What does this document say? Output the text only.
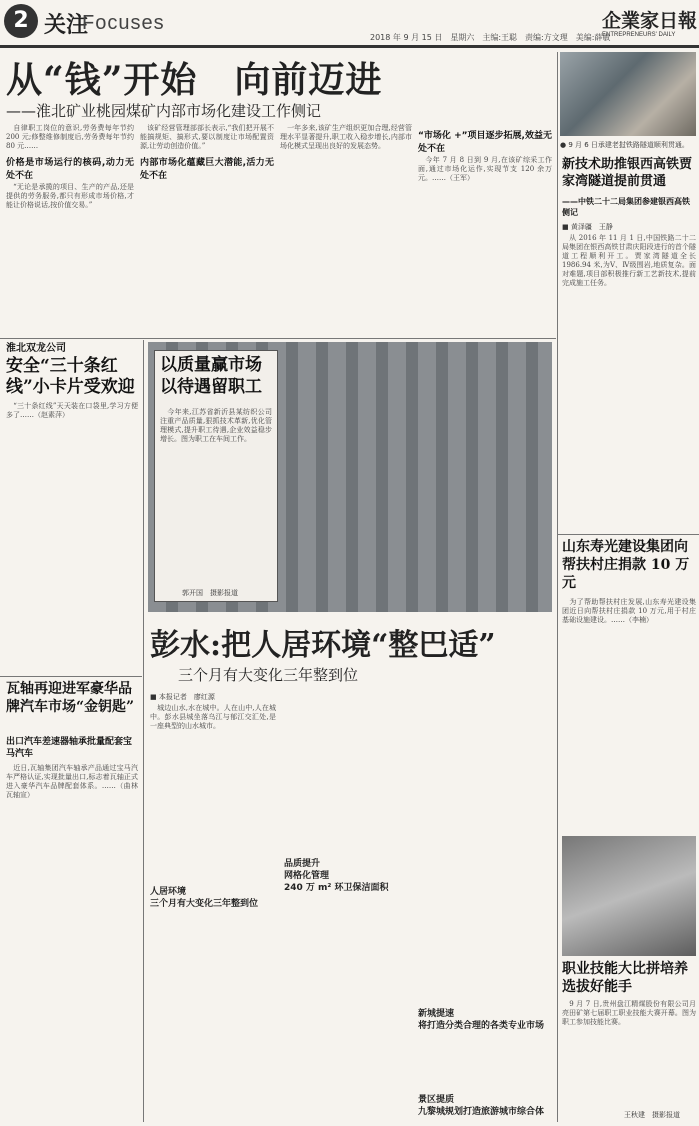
2 关注
Focuses
2018 年 9 月 15 日　星期六　主编:王聪　责编:方文理　美编:薛敏
企業家日報
ENTREPRENEURS' DAILY
从“钱”开始　向前迈进
——淮北矿业桃园煤矿内部市场化建设工作侧记
　自律职工岗位的意识,劳务费每年节约 200 元;修整维修制度后,劳务费每年节约 80 元……
价格是市场运行的核码,动力无处不在
　“无论是承揽的项目、生产的产品,还是提供的劳务服务,都只有形成市场价格,才能让价格说话,按价值交易。”
　该矿经营管理部部长表示,“我们把开展不能搞规矩、搞形式,要以制度让市场配置资源,让劳动创造价值。”
内部市场化蕴藏巨大潜能,活力无处不在
　一年多来,该矿生产组织更加合理,经营管理水平显著提升,职工收入稳步增长,内部市场化模式呈现出良好的发展态势。
“市场化 +”项目逐步拓展,效益无处不在
　今年 7 月 8 日到 9 月,在该矿综采工作面,通过市场化运作,实现节支 120 余万元。……（王军）
● 9 月 6 日承建老挝铁路隧道顺利贯通。
新技术助推银西高铁贾家湾隧道提前贯通
——中铁二十二局集团参建银西高铁侧记
■ 黄泽疆　王静
　从 2016 年 11 月 1 日,中国铁路二十二局集团在银西高铁甘肃庆阳段进行的首个隧道工程顺利开工。贾家湾隧道全长 1986.94 米,为Ⅴ、Ⅳ级围岩,地质复杂。面对难题,项目部积极推行新工艺新技术,提前完成施工任务。
淮北双龙公司
安全“三十条红线”小卡片受欢迎
　“三十条红线”天天装在口袋里,学习方便多了……（赵素萍）
瓦轴再迎进军豪华品牌汽车市场“金钥匙”
出口汽车差速器轴承批量配套宝马汽车
　近日,瓦轴集团汽车轴承产品通过宝马汽车严格认证,实现批量出口,标志着瓦轴正式进入豪华汽车品牌配套体系。……（曲林 瓦轴宣）
以质量赢市场以待遇留职工
　今年来,江苏省新沂县某纺织公司注重产品质量,狠抓技术革新,优化管理模式,提升职工待遇,企业效益稳步增长。图为职工在车间工作。
郭开国　摄影报道
彭水:把人居环境“整巴适”
三个月有大变化三年整到位
■ 本报记者　廖红源
　城边山水,水在城中。人在山中,人在城中。彭水县城坐落乌江与郁江交汇处,是一座典型的山水城市。
人居环境
三个月有大变化三年整到位
品质提升
网格化管理
240 万 m² 环卫保洁面积
新城提速
将打造分类合理的各类专业市场
景区提质
九黎城规划打造旅游城市综合体
山东寿光建设集团向帮扶村庄捐款 10 万元
　为了帮助帮扶村庄发展,山东寿光建设集团近日向帮扶村庄捐款 10 万元,用于村庄基础设施建设。……（李楠）
职业技能大比拼培养选拔好能手
　9 月 7 日,贵州盘江精煤股份有限公司月亮田矿第七届职工职业技能大赛开幕。图为职工参加技能比赛。
王秋建　摄影报道
